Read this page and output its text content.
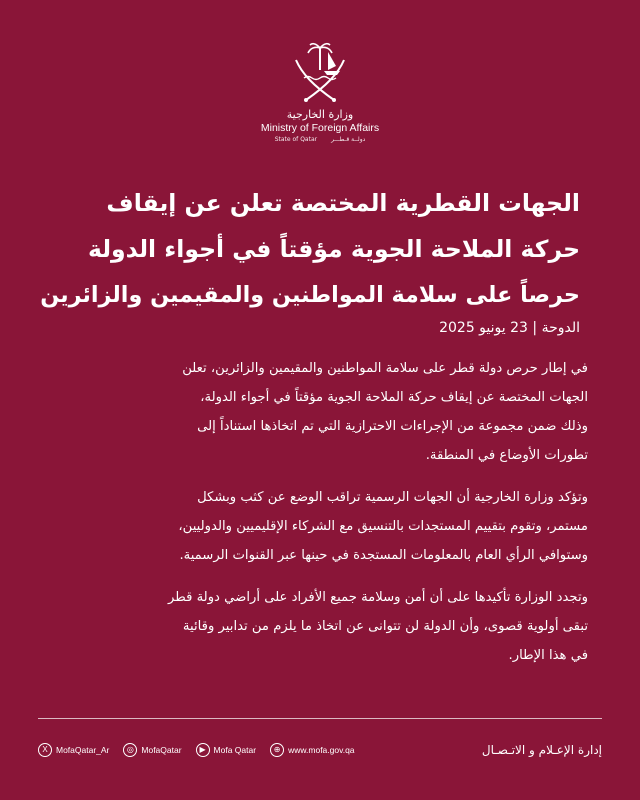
وزارة الخارجية
Ministry of Foreign Affairs
State of Qatar دولــة قـطـــر
الجهات القطرية المختصة تعلن عن إيقاف
حركة الملاحة الجوية مؤقتاً في أجواء الدولة
حرصاً على سلامة المواطنين والمقيمين والزائرين
الدوحة | 23 يونيو 2025
في إطار حرص دولة قطر على سلامة المواطنين والمقيمين والزائرين، تعلن
الجهات المختصة عن إيقاف حركة الملاحة الجوية مؤقتاً في أجواء الدولة،
وذلك ضمن مجموعة من الإجراءات الاحترازية التي تم اتخاذها استناداً إلى
تطورات الأوضاع في المنطقة.
وتؤكد وزارة الخارجية أن الجهات الرسمية تراقب الوضع عن كثب وبشكل
مستمر، وتقوم بتقييم المستجدات بالتنسيق مع الشركاء الإقليميين والدوليين،
وستوافي الرأي العام بالمعلومات المستجدة في حينها عبر القنوات الرسمية.
وتجدد الوزارة تأكيدها على أن أمن وسلامة جميع الأفراد على أراضي دولة قطر
تبقى أولوية قصوى، وأن الدولة لن تتوانى عن اتخاذ ما يلزم من تدابير وقائية
في هذا الإطار.
X MofaQatar_Ar	◎ MofaQatar	▶ Mofa Qatar	⊕ www.mofa.gov.qa	إدارة الإعـلام و الاتـصـال
